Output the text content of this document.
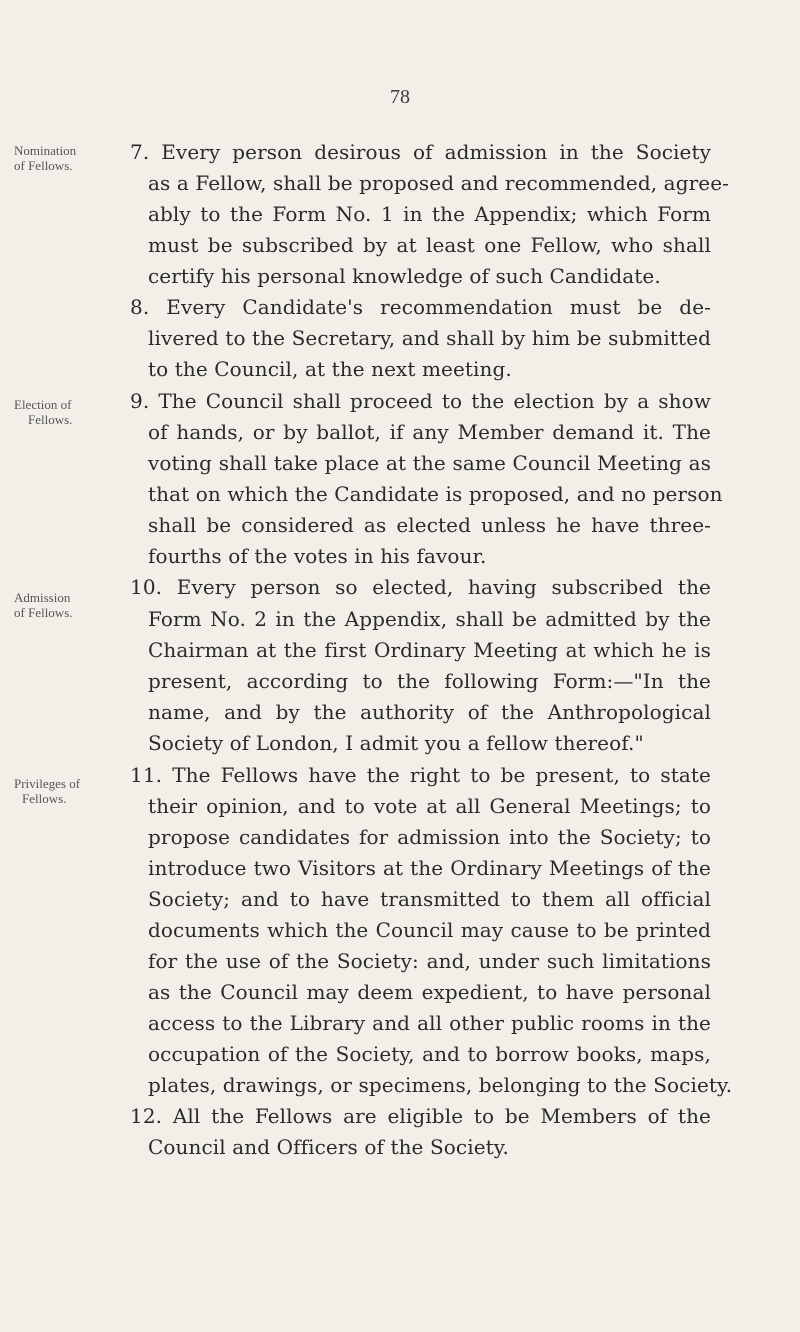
78
Nomination
of Fellows.
Election of
Fellows.
Admission
of Fellows.
Privileges of
Fellows.
7. Every person desirous of admission in the Society
as a Fellow, shall be proposed and recommended, agree-
ably to the Form No. 1 in the Appendix; which Form
must be subscribed by at least one Fellow, who shall
certify his personal knowledge of such Candidate.
8. Every Candidate's recommendation must be de-
livered to the Secretary, and shall by him be submitted
to the Council, at the next meeting.
9. The Council shall proceed to the election by a show
of hands, or by ballot, if any Member demand it. The
voting shall take place at the same Council Meeting as
that on which the Candidate is proposed, and no person
shall be considered as elected unless he have three-
fourths of the votes in his favour.
10. Every person so elected, having subscribed the
Form No. 2 in the Appendix, shall be admitted by the
Chairman at the first Ordinary Meeting at which he is
present, according to the following Form:—"In the
name, and by the authority of the Anthropological
Society of London, I admit you a fellow thereof."
11. The Fellows have the right to be present, to state
their opinion, and to vote at all General Meetings; to
propose candidates for admission into the Society; to
introduce two Visitors at the Ordinary Meetings of the
Society; and to have transmitted to them all official
documents which the Council may cause to be printed
for the use of the Society: and, under such limitations
as the Council may deem expedient, to have personal
access to the Library and all other public rooms in the
occupation of the Society, and to borrow books, maps,
plates, drawings, or specimens, belonging to the Society.
12. All the Fellows are eligible to be Members of the
Council and Officers of the Society.
